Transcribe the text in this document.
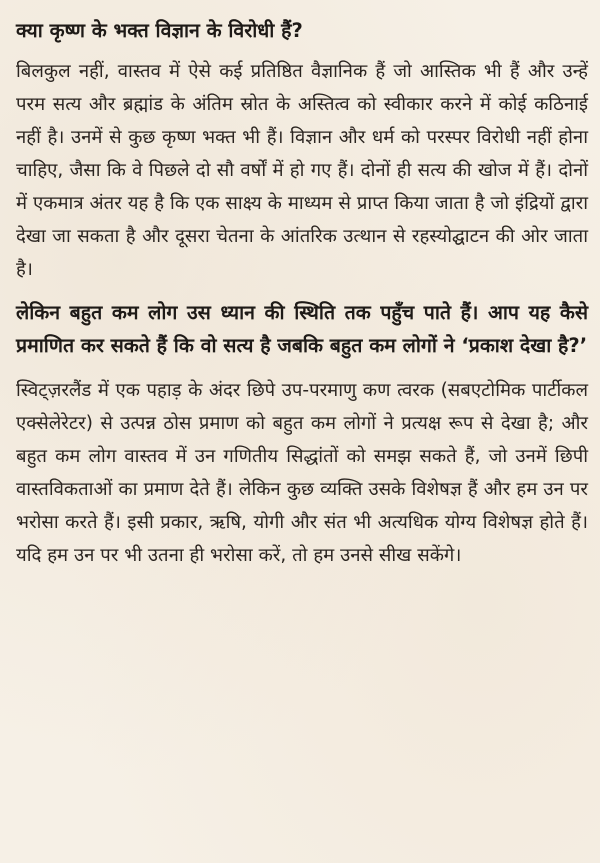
क्या कृष्ण के भक्त विज्ञान के विरोधी हैं?

बिलकुल नहीं, वास्तव में ऐसे कई प्रतिष्ठित वैज्ञानिक हैं जो आस्तिक भी हैं और उन्हें परम सत्य और ब्रह्मांड के अंतिम स्रोत के अस्तित्व को स्वीकार करने में कोई कठिनाई नहीं है। उनमें से कुछ कृष्ण भक्त भी हैं। विज्ञान और धर्म को परस्पर विरोधी नहीं होना चाहिए, जैसा कि वे पिछले दो सौ वर्षों में हो गए हैं। दोनों ही सत्य की खोज में हैं। दोनों में एकमात्र अंतर यह है कि एक साक्ष्य के माध्यम से प्राप्त किया जाता है जो इंद्रियों द्वारा देखा जा सकता है और दूसरा चेतना के आंतरिक उत्थान से रहस्योद्घाटन की ओर जाता है।

लेकिन बहुत कम लोग उस ध्यान की स्थिति तक पहुँच पाते हैं। आप यह कैसे प्रमाणित कर सकते हैं कि वो सत्य है जबकि बहुत कम लोगों ने ‘प्रकाश देखा है?’

स्विट्ज़रलैंड में एक पहाड़ के अंदर छिपे उप-परमाणु कण त्वरक (सबएटोमिक पार्टीकल एक्सेलेरेटर) से उत्पन्न ठोस प्रमाण को बहुत कम लोगों ने प्रत्यक्ष रूप से देखा है; और बहुत कम लोग वास्तव में उन गणितीय सिद्धांतों को समझ सकते हैं, जो उनमें छिपी वास्तविकताओं का प्रमाण देते हैं। लेकिन कुछ व्यक्ति उसके विशेषज्ञ हैं और हम उन पर भरोसा करते हैं। इसी प्रकार, ऋषि, योगी और संत भी अत्यधिक योग्य विशेषज्ञ होते हैं। यदि हम उन पर भी उतना ही भरोसा करें, तो हम उनसे सीख सकेंगे।
